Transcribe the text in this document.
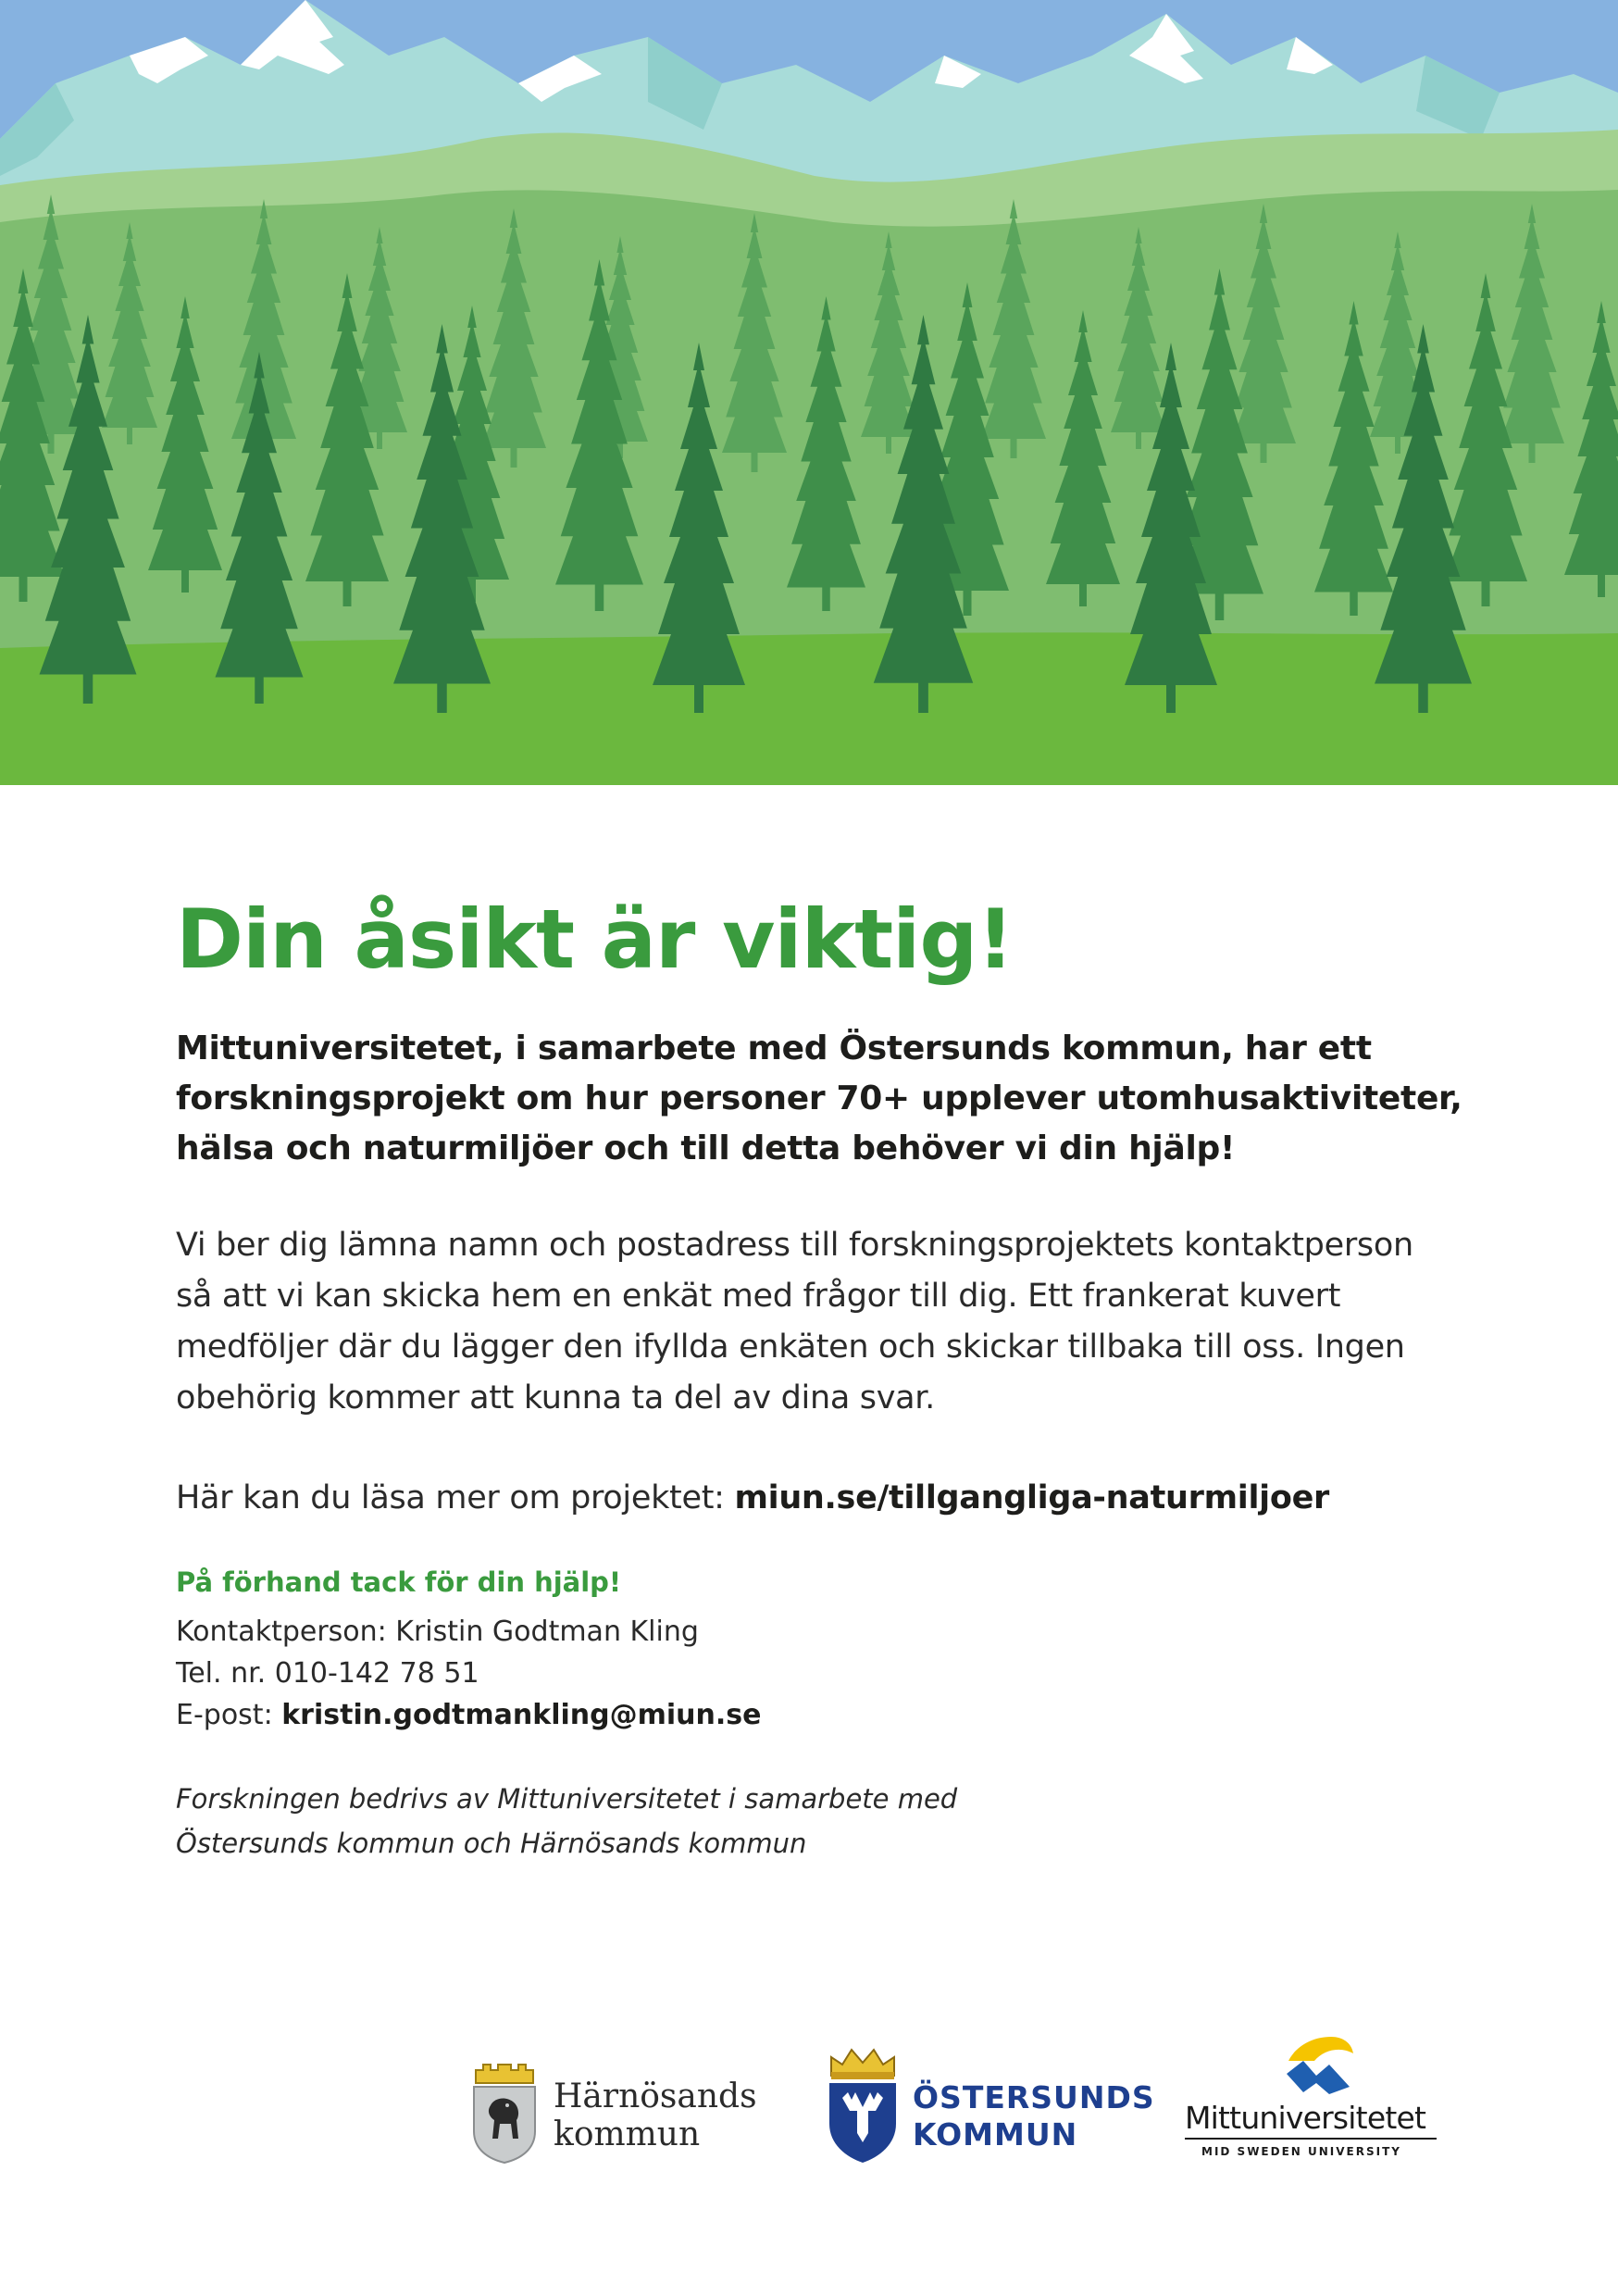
Din åsikt är viktig!

Mittuniversitetet, i samarbete med Östersunds kommun, har ett
forskningsprojekt om hur personer 70+ upplever utomhusaktiviteter,
hälsa och naturmiljöer och till detta behöver vi din hjälp!

Vi ber dig lämna namn och postadress till forskningsprojektets kontaktperson
så att vi kan skicka hem en enkät med frågor till dig. Ett frankerat kuvert
medföljer där du lägger den ifyllda enkäten och skickar tillbaka till oss. Ingen
obehörig kommer att kunna ta del av dina svar.

Här kan du läsa mer om projektet: miun.se/tillgangliga-naturmiljoer

På förhand tack för din hjälp!

Kontaktperson: Kristin Godtman Kling
Tel. nr. 010-142 78 51
E-post: kristin.godtmankling@miun.se

Forskningen bedrivs av Mittuniversitetet i samarbete med
Östersunds kommun och Härnösands kommun

Härnösands
kommun
ÖSTERSUNDS
KOMMUN	Mittuniversitetet
MID SWEDEN UNIVERSITY
